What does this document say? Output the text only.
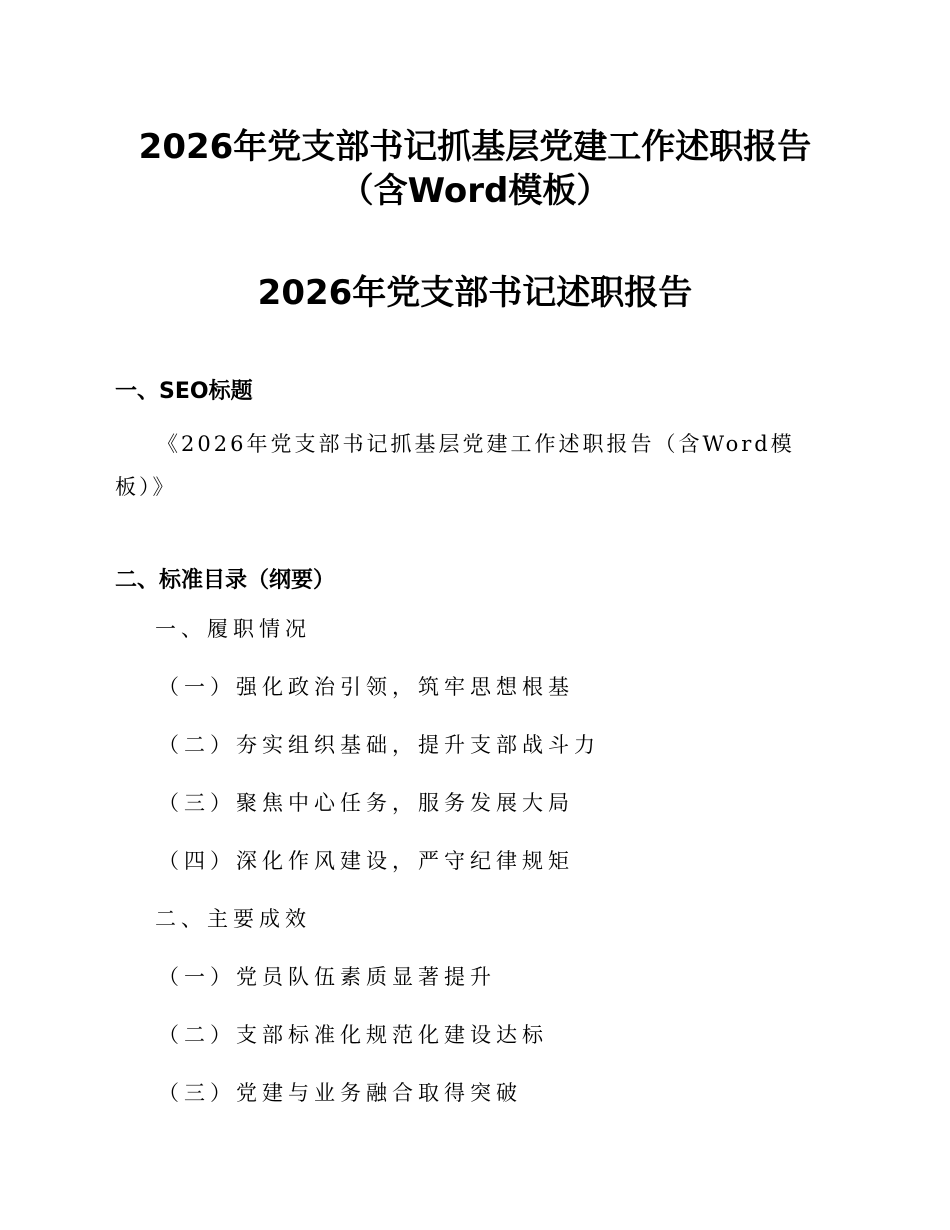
2026年党支部书记抓基层党建工作述职报告
（含Word模板）
2026年党支部书记述职报告
一、SEO标题
《2026年党支部书记抓基层党建工作述职报告（含Word模板）》
二、标准目录（纲要）
一、履职情况
（一）强化政治引领，筑牢思想根基
（二）夯实组织基础，提升支部战斗力
（三）聚焦中心任务，服务发展大局
（四）深化作风建设，严守纪律规矩
二、主要成效
（一）党员队伍素质显著提升
（二）支部标准化规范化建设达标
（三）党建与业务融合取得突破
